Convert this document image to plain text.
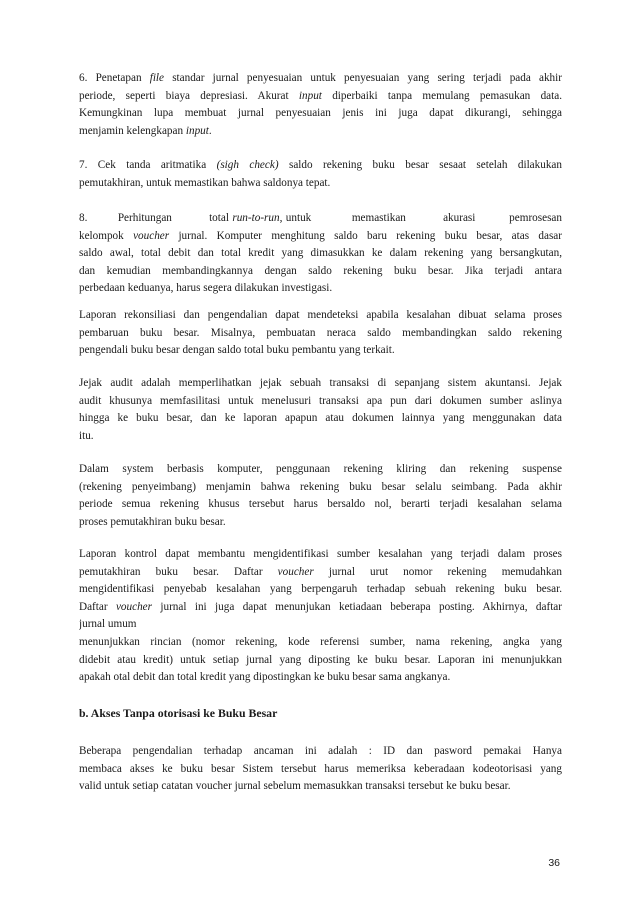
6. Penetapan file standar jurnal penyesuaian untuk penyesuaian yang sering terjadi pada akhir
periode, seperti biaya depresiasi. Akurat input diperbaiki tanpa memulang pemasukan data.
Kemungkinan lupa membuat jurnal penyesuaian jenis ini juga dapat dikurangi, sehingga
menjamin kelengkapan input.
7. Cek tanda aritmatika (sigh check) saldo rekening buku besar sesaat setelah dilakukan
pemutakhiran, untuk memastikan bahwa saldonya tepat.
8.         Perhitungan           total run-to-run, untuk            memastikan           akurasi          pemrosesan
kelompok voucher jurnal. Komputer menghitung saldo baru rekening buku besar, atas dasar
saldo awal, total debit dan total kredit yang dimasukkan ke dalam rekening yang bersangkutan,
dan kemudian membandingkannya dengan saldo rekening buku besar. Jika terjadi antara
perbedaan keduanya, harus segera dilakukan investigasi.
Laporan rekonsiliasi dan pengendalian dapat mendeteksi apabila kesalahan dibuat selama proses
pembaruan buku besar. Misalnya, pembuatan neraca saldo membandingkan saldo rekening
pengendali buku besar dengan saldo total buku pembantu yang terkait.
Jejak audit adalah memperlihatkan jejak sebuah transaksi di sepanjang sistem akuntansi. Jejak
audit khusunya memfasilitasi untuk menelusuri transaksi apa pun dari dokumen sumber aslinya
hingga ke buku besar, dan ke laporan apapun atau dokumen lainnya yang menggunakan data
itu.
Dalam system berbasis komputer, penggunaan rekening kliring dan rekening suspense
(rekening penyeimbang) menjamin bahwa rekening buku besar selalu seimbang. Pada akhir
periode semua rekening khusus tersebut harus bersaldo nol, berarti terjadi kesalahan selama
proses pemutakhiran buku besar.
Laporan kontrol dapat membantu mengidentifikasi sumber kesalahan yang terjadi dalam proses
pemutakhiran buku besar. Daftar voucher jurnal urut nomor rekening memudahkan
mengidentifikasi penyebab kesalahan yang berpengaruh terhadap sebuah rekening buku besar.
Daftar voucher jurnal ini juga dapat menunjukan ketiadaan beberapa posting. Akhirnya, daftar
jurnal umum
menunjukkan rincian (nomor rekening, kode referensi sumber, nama rekening, angka yang
didebit atau kredit) untuk setiap jurnal yang diposting ke buku besar. Laporan ini menunjukkan
apakah otal debit dan total kredit yang dipostingkan ke buku besar sama angkanya.
b. Akses Tanpa otorisasi ke Buku Besar
Beberapa pengendalian terhadap ancaman ini adalah : ID dan pasword pemakai Hanya
membaca akses ke buku besar Sistem tersebut harus memeriksa keberadaan kodeotorisasi yang
valid untuk setiap catatan voucher jurnal sebelum memasukkan transaksi tersebut ke buku besar.
36
